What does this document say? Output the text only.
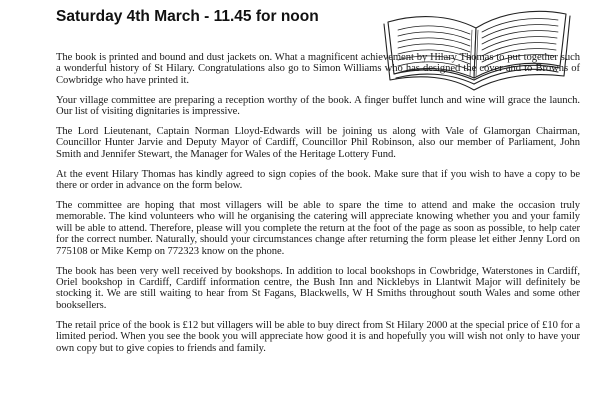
Saturday 4th March - 11.45 for noon

The book is printed and bound and dust jackets on. What a magnificent achievement by Hilary Thomas to put together such a wonderful history of St Hilary. Congratulations also go to Simon Williams who has designed the cover and to Browns of Cowbridge who have printed it.

Your village committee are preparing a reception worthy of the book. A finger buffet lunch and wine will grace the launch. Our list of visiting dignitaries is impressive.

The Lord Lieutenant, Captain Norman Lloyd-Edwards will be joining us along with Vale of Glamorgan Chairman, Councillor Hunter Jarvie and Deputy Mayor of Cardiff, Councillor Phil Robinson, also our member of Parliament, John Smith and Jennifer Stewart, the Manager for Wales of the Heritage Lottery Fund.

At the event Hilary Thomas has kindly agreed to sign copies of the book. Make sure that if you wish to have a copy to be there or order in advance on the form below.

The committee are hoping that most villagers will be able to spare the time to attend and make the occasion truly memorable. The kind volunteers who will he organising the catering will appreciate knowing whether you and your family will be able to attend. Therefore, please will you complete the return at the foot of the page as soon as possible, to help cater for the correct number. Naturally, should your circumstances change after returning the form please let either Jenny Lord on 775108 or Mike Kemp on 772323 know on the phone.

The book has been very well received by bookshops. In addition to local bookshops in Cowbridge, Waterstones in Cardiff, Oriel bookshop in Cardiff, Cardiff information centre, the Bush Inn and Nicklebys in Llantwit Major will definitely be stocking it. We are still waiting to hear from St Fagans, Blackwells, W H Smiths throughout south Wales and some other booksellers.

The retail price of the book is £12 but villagers will be able to buy direct from St Hilary 2000 at the special price of £10 for a limited period. When you see the book you will appreciate how good it is and hopefully you will wish not only to have your own copy but to give copies to friends and family.
